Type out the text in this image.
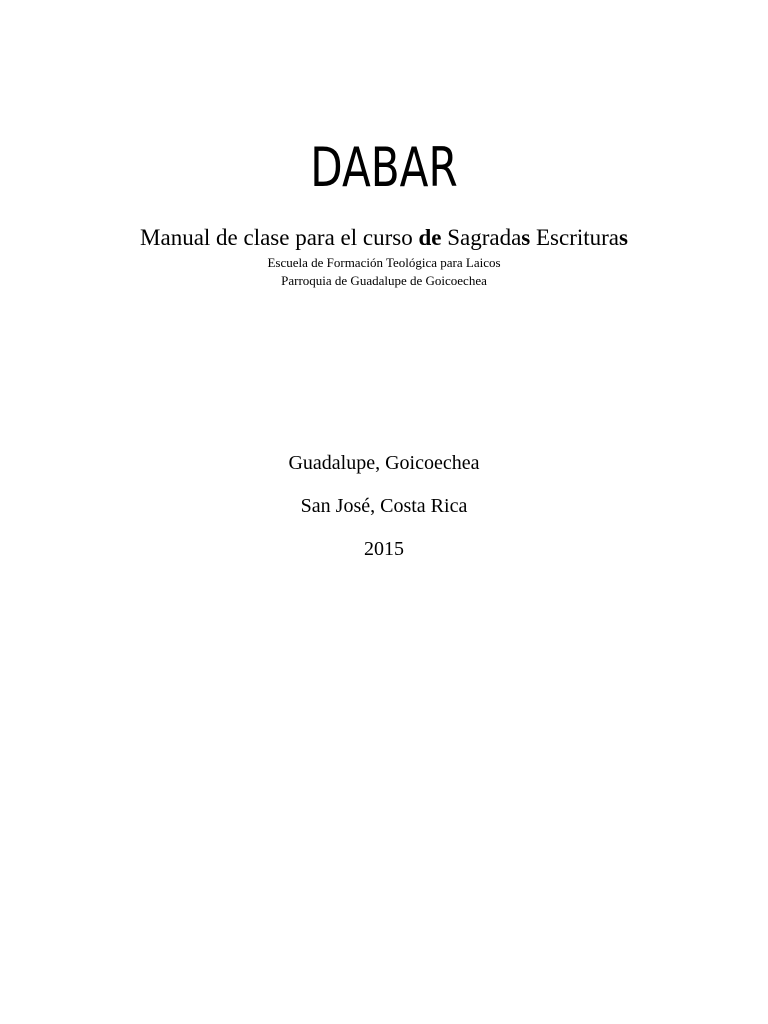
DABAR

Manual de clase para el curso de Sagradas Escrituras

Escuela de Formación Teológica para Laicos

Parroquia de Guadalupe de Goicoechea

Guadalupe, Goicoechea

San José, Costa Rica

2015
